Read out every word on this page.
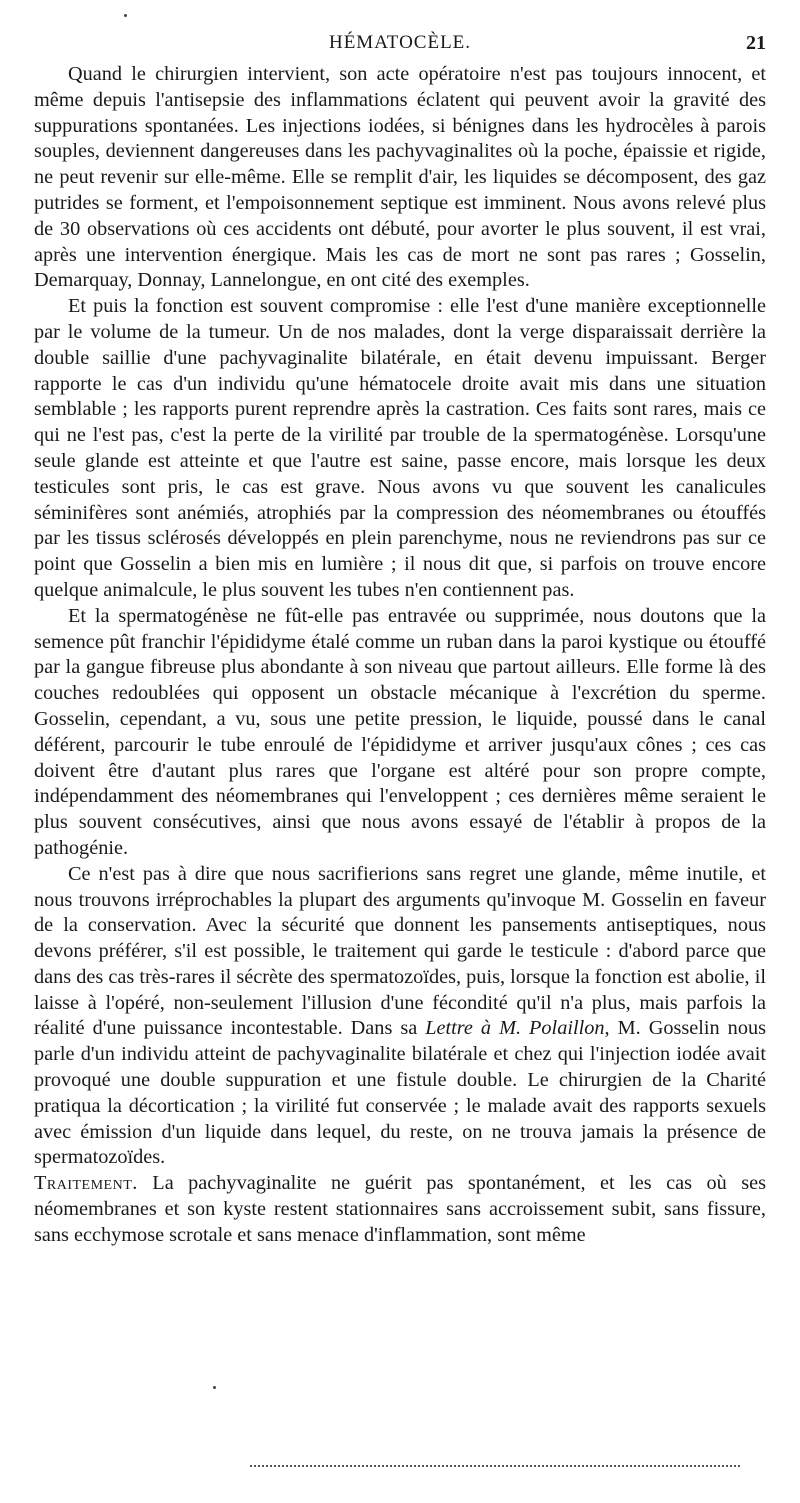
HÉMATOCÈLE.	21

Quand le chirurgien intervient, son acte opératoire n'est pas toujours innocent, et même depuis l'antisepsie des inflammations éclatent qui peuvent avoir la gravité des suppurations spontanées. Les injections iodées, si bénignes dans les hydrocèles à parois souples, deviennent dangereuses dans les pachyvaginalites où la poche, épaissie et rigide, ne peut revenir sur elle-même. Elle se remplit d'air, les liquides se décomposent, des gaz putrides se forment, et l'empoisonnement septique est imminent. Nous avons relevé plus de 30 observations où ces accidents ont débuté, pour avorter le plus souvent, il est vrai, après une intervention énergique. Mais les cas de mort ne sont pas rares ; Gosselin, Demarquay, Donnay, Lannelongue, en ont cité des exemples.

Et puis la fonction est souvent compromise : elle l'est d'une manière exceptionnelle par le volume de la tumeur. Un de nos malades, dont la verge disparaissait derrière la double saillie d'une pachyvaginalite bilatérale, en était devenu impuissant. Berger rapporte le cas d'un individu qu'une hématocele droite avait mis dans une situation semblable ; les rapports purent reprendre après la castration. Ces faits sont rares, mais ce qui ne l'est pas, c'est la perte de la virilité par trouble de la spermatogénèse. Lorsqu'une seule glande est atteinte et que l'autre est saine, passe encore, mais lorsque les deux testicules sont pris, le cas est grave. Nous avons vu que souvent les canalicules séminifères sont anémiés, atrophiés par la compression des néomembranes ou étouffés par les tissus sclérosés développés en plein parenchyme, nous ne reviendrons pas sur ce point que Gosselin a bien mis en lumière ; il nous dit que, si parfois on trouve encore quelque animalcule, le plus souvent les tubes n'en contiennent pas.

Et la spermatogénèse ne fût-elle pas entravée ou supprimée, nous doutons que la semence pût franchir l'épididyme étalé comme un ruban dans la paroi kystique ou étouffé par la gangue fibreuse plus abondante à son niveau que partout ailleurs. Elle forme là des couches redoublées qui opposent un obstacle mécanique à l'excrétion du sperme. Gosselin, cependant, a vu, sous une petite pression, le liquide, poussé dans le canal déférent, parcourir le tube enroulé de l'épididyme et arriver jusqu'aux cônes ; ces cas doivent être d'autant plus rares que l'organe est altéré pour son propre compte, indépendamment des néomembranes qui l'enveloppent ; ces dernières même seraient le plus souvent consécutives, ainsi que nous avons essayé de l'établir à propos de la pathogénie.

Ce n'est pas à dire que nous sacrifierions sans regret une glande, même inutile, et nous trouvons irréprochables la plupart des arguments qu'invoque M. Gosselin en faveur de la conservation. Avec la sécurité que donnent les pansements antiseptiques, nous devons préférer, s'il est possible, le traitement qui garde le testicule : d'abord parce que dans des cas très-rares il sécrète des spermatozoïdes, puis, lorsque la fonction est abolie, il laisse à l'opéré, non-seulement l'illusion d'une fécondité qu'il n'a plus, mais parfois la réalité d'une puissance incontestable. Dans sa Lettre à M. Polaillon, M. Gosselin nous parle d'un individu atteint de pachyvaginalite bilatérale et chez qui l'injection iodée avait provoqué une double suppuration et une fistule double. Le chirurgien de la Charité pratiqua la décortication ; la virilité fut conservée ; le malade avait des rapports sexuels avec émission d'un liquide dans lequel, du reste, on ne trouva jamais la présence de spermatozoïdes.

Traitement. La pachyvaginalite ne guérit pas spontanément, et les cas où ses néomembranes et son kyste restent stationnaires sans accroissement subit, sans fissure, sans ecchymose scrotale et sans menace d'inflammation, sont même
